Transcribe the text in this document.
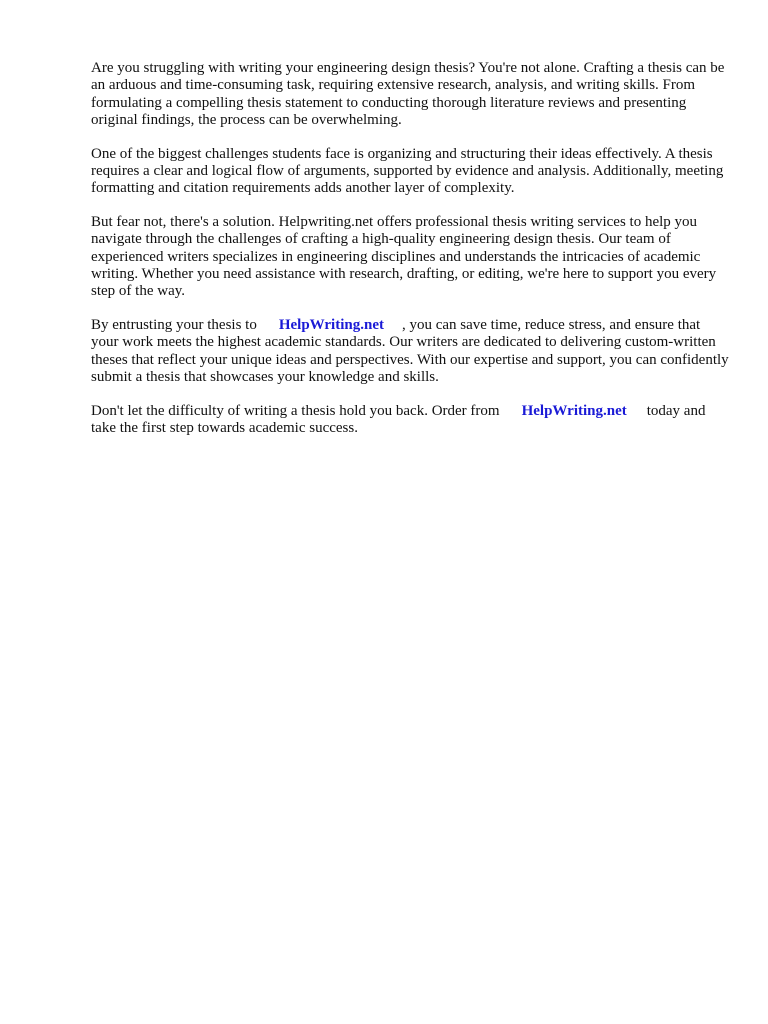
Are you struggling with writing your engineering design thesis? You're not alone. Crafting a thesis can be an arduous and time-consuming task, requiring extensive research, analysis, and writing skills. From formulating a compelling thesis statement to conducting thorough literature reviews and presenting original findings, the process can be overwhelming.

One of the biggest challenges students face is organizing and structuring their ideas effectively. A thesis requires a clear and logical flow of arguments, supported by evidence and analysis. Additionally, meeting formatting and citation requirements adds another layer of complexity.

But fear not, there's a solution. Helpwriting.net offers professional thesis writing services to help you navigate through the challenges of crafting a high-quality engineering design thesis. Our team of experienced writers specializes in engineering disciplines and understands the intricacies of academic writing. Whether you need assistance with research, drafting, or editing, we're here to support you every step of the way.

By entrusting your thesis to HelpWriting.net , you can save time, reduce stress, and ensure that your work meets the highest academic standards. Our writers are dedicated to delivering custom-written theses that reflect your unique ideas and perspectives. With our expertise and support, you can confidently submit a thesis that showcases your knowledge and skills.

Don't let the difficulty of writing a thesis hold you back. Order from HelpWriting.net today and take the first step towards academic success.
